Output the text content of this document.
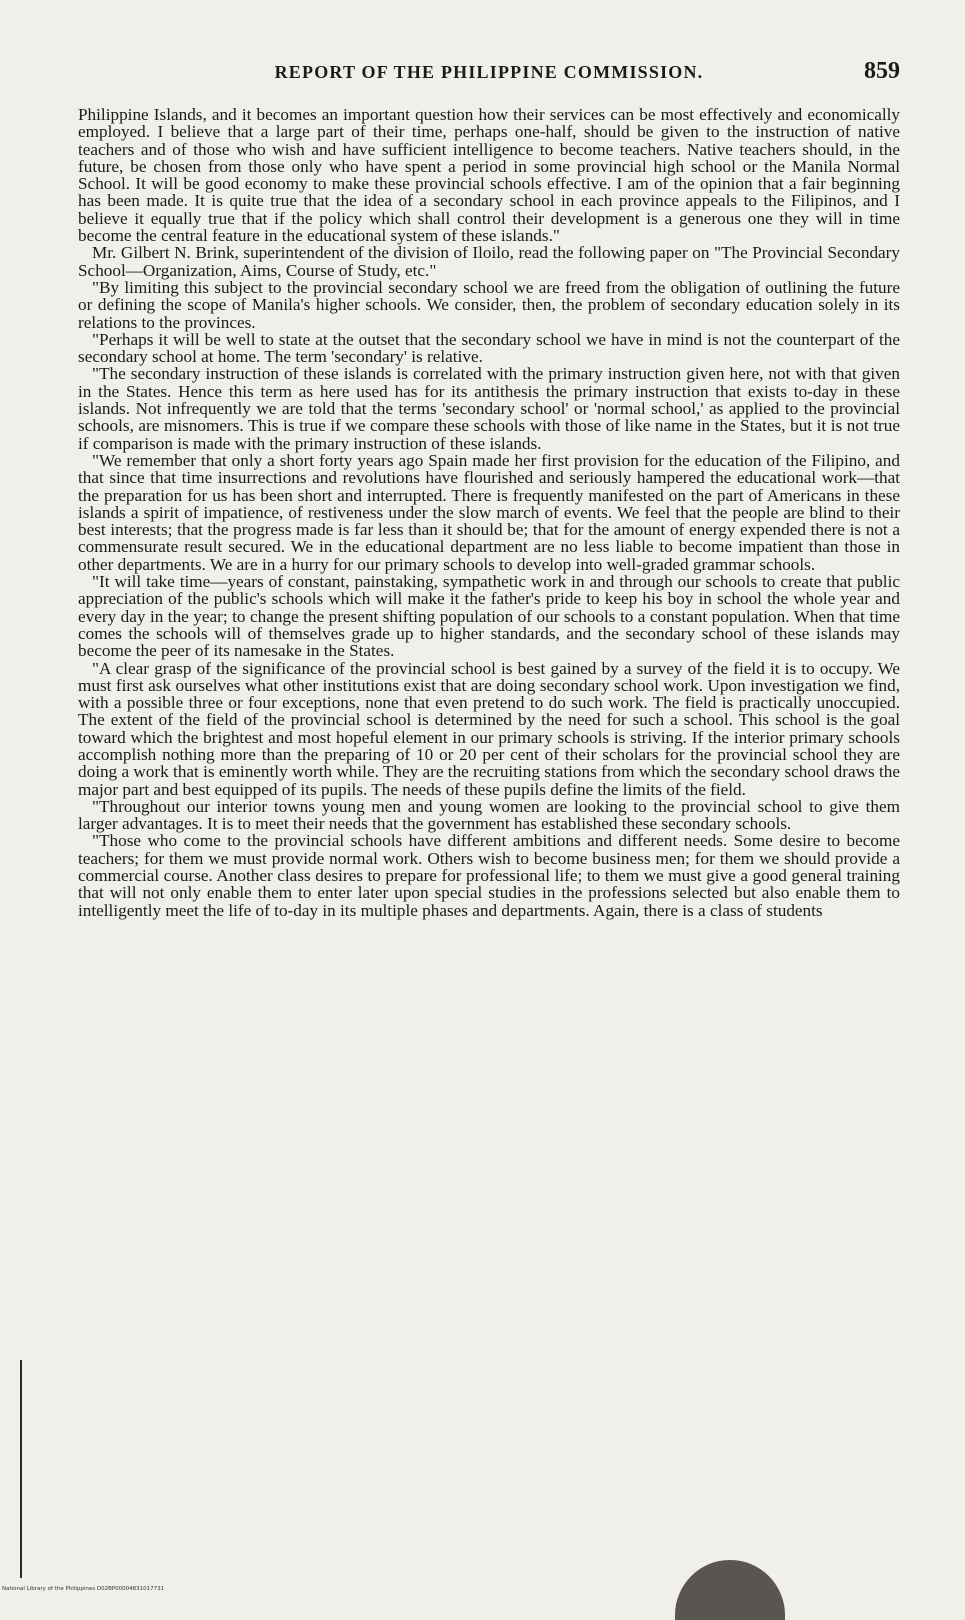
REPORT OF THE PHILIPPINE COMMISSION.	859

Philippine Islands, and it becomes an important question how their services can be most effectively and economically employed. I believe that a large part of their time, perhaps one-half, should be given to the instruction of native teachers and of those who wish and have sufficient intelligence to become teachers. Native teachers should, in the future, be chosen from those only who have spent a period in some provincial high school or the Manila Normal School. It will be good economy to make these provincial schools effective. I am of the opinion that a fair beginning has been made. It is quite true that the idea of a secondary school in each province appeals to the Filipinos, and I believe it equally true that if the policy which shall control their development is a generous one they will in time become the central feature in the educational system of these islands."

Mr. Gilbert N. Brink, superintendent of the division of Iloilo, read the following paper on "The Provincial Secondary School—Organization, Aims, Course of Study, etc."

"By limiting this subject to the provincial secondary school we are freed from the obligation of outlining the future or defining the scope of Manila's higher schools. We consider, then, the problem of secondary education solely in its relations to the provinces.

"Perhaps it will be well to state at the outset that the secondary school we have in mind is not the counterpart of the secondary school at home. The term 'secondary' is relative.

"The secondary instruction of these islands is correlated with the primary instruction given here, not with that given in the States. Hence this term as here used has for its antithesis the primary instruction that exists to-day in these islands. Not infrequently we are told that the terms 'secondary school' or 'normal school,' as applied to the provincial schools, are misnomers. This is true if we compare these schools with those of like name in the States, but it is not true if comparison is made with the primary instruction of these islands.

"We remember that only a short forty years ago Spain made her first provision for the education of the Filipino, and that since that time insurrections and revolutions have flourished and seriously hampered the educational work—that the preparation for us has been short and interrupted. There is frequently manifested on the part of Americans in these islands a spirit of impatience, of restiveness under the slow march of events. We feel that the people are blind to their best interests; that the progress made is far less than it should be; that for the amount of energy expended there is not a commensurate result secured. We in the educational department are no less liable to become impatient than those in other departments. We are in a hurry for our primary schools to develop into well-graded grammar schools.

"It will take time—years of constant, painstaking, sympathetic work in and through our schools to create that public appreciation of the public's schools which will make it the father's pride to keep his boy in school the whole year and every day in the year; to change the present shifting population of our schools to a constant population. When that time comes the schools will of themselves grade up to higher standards, and the secondary school of these islands may become the peer of its namesake in the States.

"A clear grasp of the significance of the provincial school is best gained by a survey of the field it is to occupy. We must first ask ourselves what other institutions exist that are doing secondary school work. Upon investigation we find, with a possible three or four exceptions, none that even pretend to do such work. The field is practically unoccupied. The extent of the field of the provincial school is determined by the need for such a school. This school is the goal toward which the brightest and most hopeful element in our primary schools is striving. If the interior primary schools accomplish nothing more than the preparing of 10 or 20 per cent of their scholars for the provincial school they are doing a work that is eminently worth while. They are the recruiting stations from which the secondary school draws the major part and best equipped of its pupils. The needs of these pupils define the limits of the field.

"Throughout our interior towns young men and young women are looking to the provincial school to give them larger advantages. It is to meet their needs that the government has established these secondary schools.

"Those who come to the provincial schools have different ambitions and different needs. Some desire to become teachers; for them we must provide normal work. Others wish to become business men; for them we should provide a commercial course. Another class desires to prepare for professional life; to them we must give a good general training that will not only enable them to enter later upon special studies in the professions selected but also enable them to intelligently meet the life of to-day in its multiple phases and departments. Again, there is a class of students

National Library of the Philippines D02BP00004831017731
